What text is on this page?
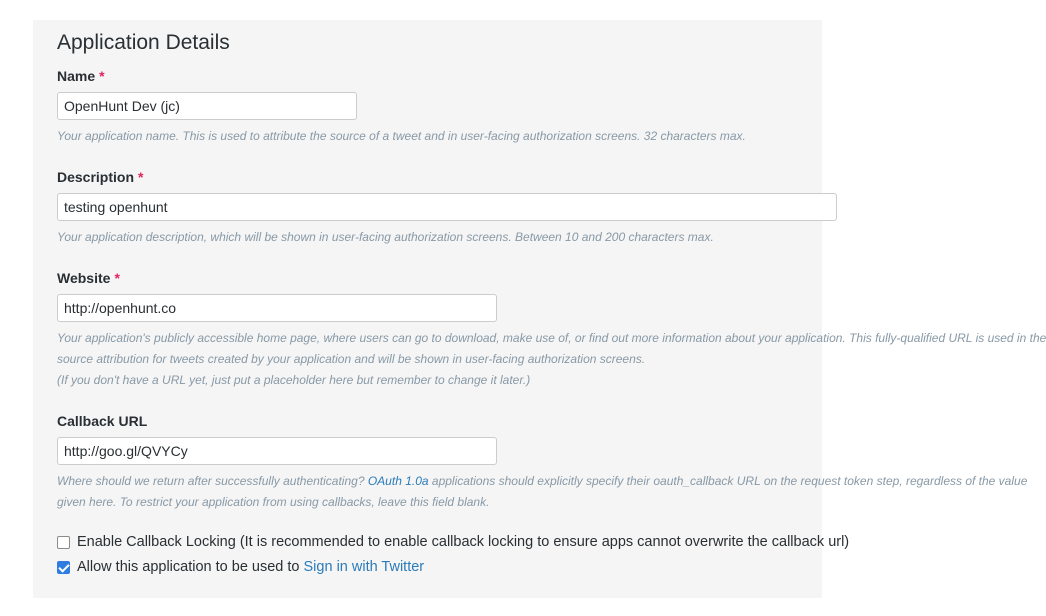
Application Details
Name *
OpenHunt Dev (jc)
Your application name. This is used to attribute the source of a tweet and in user-facing authorization screens. 32 characters max.
Description *
testing openhunt
Your application description, which will be shown in user-facing authorization screens. Between 10 and 200 characters max.
Website *
http://openhunt.co
Your application's publicly accessible home page, where users can go to download, make use of, or find out more information about your application. This fully-qualified URL is used in the
source attribution for tweets created by your application and will be shown in user-facing authorization screens.
(If you don't have a URL yet, just put a placeholder here but remember to change it later.)
Callback URL
http://goo.gl/QVYCy
Where should we return after successfully authenticating? OAuth 1.0a applications should explicitly specify their oauth_callback URL on the request token step, regardless of the value
given here. To restrict your application from using callbacks, leave this field blank.
Enable Callback Locking (It is recommended to enable callback locking to ensure apps cannot overwrite the callback url)
Allow this application to be used to
Sign in with Twitter
